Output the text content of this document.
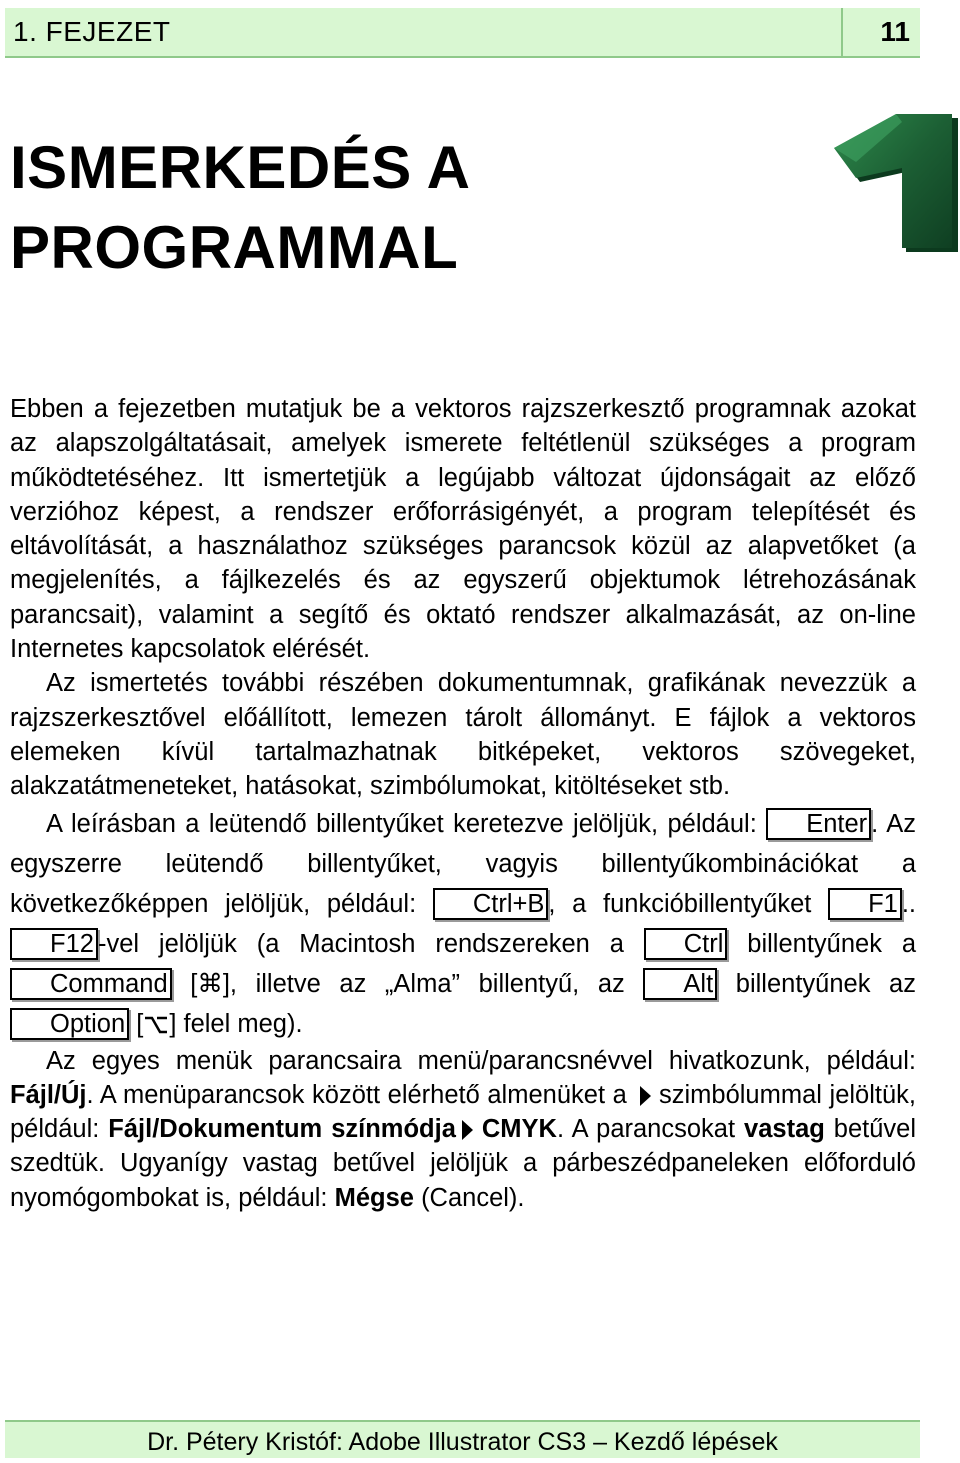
1. FEJEZET	11
ISMERKEDÉS A
PROGRAMMAL

Ebben a fejezetben mutatjuk be a vektoros rajzszerkesztő programnak azokat az alapszolgáltatásait, amelyek ismerete feltétlenül szükséges a program működtetéséhez. Itt ismertetjük a legújabb változat újdonságait az előző verzióhoz képest, a rendszer erőforrásigényét, a program telepítését és eltávolítását, a használathoz szükséges parancsok közül az alapvetőket (a megjelenítés, a fájlkezelés és az egyszerű objektumok létrehozásának parancsait), valamint a segítő és oktató rendszer alkalmazását, az on-line Internetes kapcsolatok elérését.

Az ismertetés további részében dokumentumnak, grafikának nevezzük a rajzszerkesztővel előállított, lemezen tárolt állományt. E fájlok a vektoros elemeken kívül tartalmazhatnak bitképeket, vektoros szövegeket, alakzatátmeneteket, hatásokat, szimbólumokat, kitöltéseket stb.

A leírásban a leütendő billentyűket keretezve jelöljük, például: Enter . Az egyszerre leütendő billentyűket, vagyis billentyűkombinációkat a következőképpen jelöljük, például: Ctrl+B , a funkcióbillentyűket F1 ..F12 -vel jelöljük (a Macintosh rendszereken a Ctrl billentyűnek a Command [⌘], illetve az „Alma” billentyű, az Alt billentyűnek az Option [ ] felel meg).

Az egyes menük parancsaira menü/parancsnévvel hivatkozunk, például: Fájl/Új. A menüparancsok között elérhető almenüket a  szimbólummal jelöltük, például: Fájl/Dokumentum színmódja CMYK. A parancsokat vastag betűvel szedtük. Ugyanígy vastag betűvel jelöljük a párbeszédpaneleken előforduló nyomógombokat is, például: Mégse (Cancel).

Dr. Pétery Kristóf: Adobe Illustrator CS3 – Kezdő lépések
